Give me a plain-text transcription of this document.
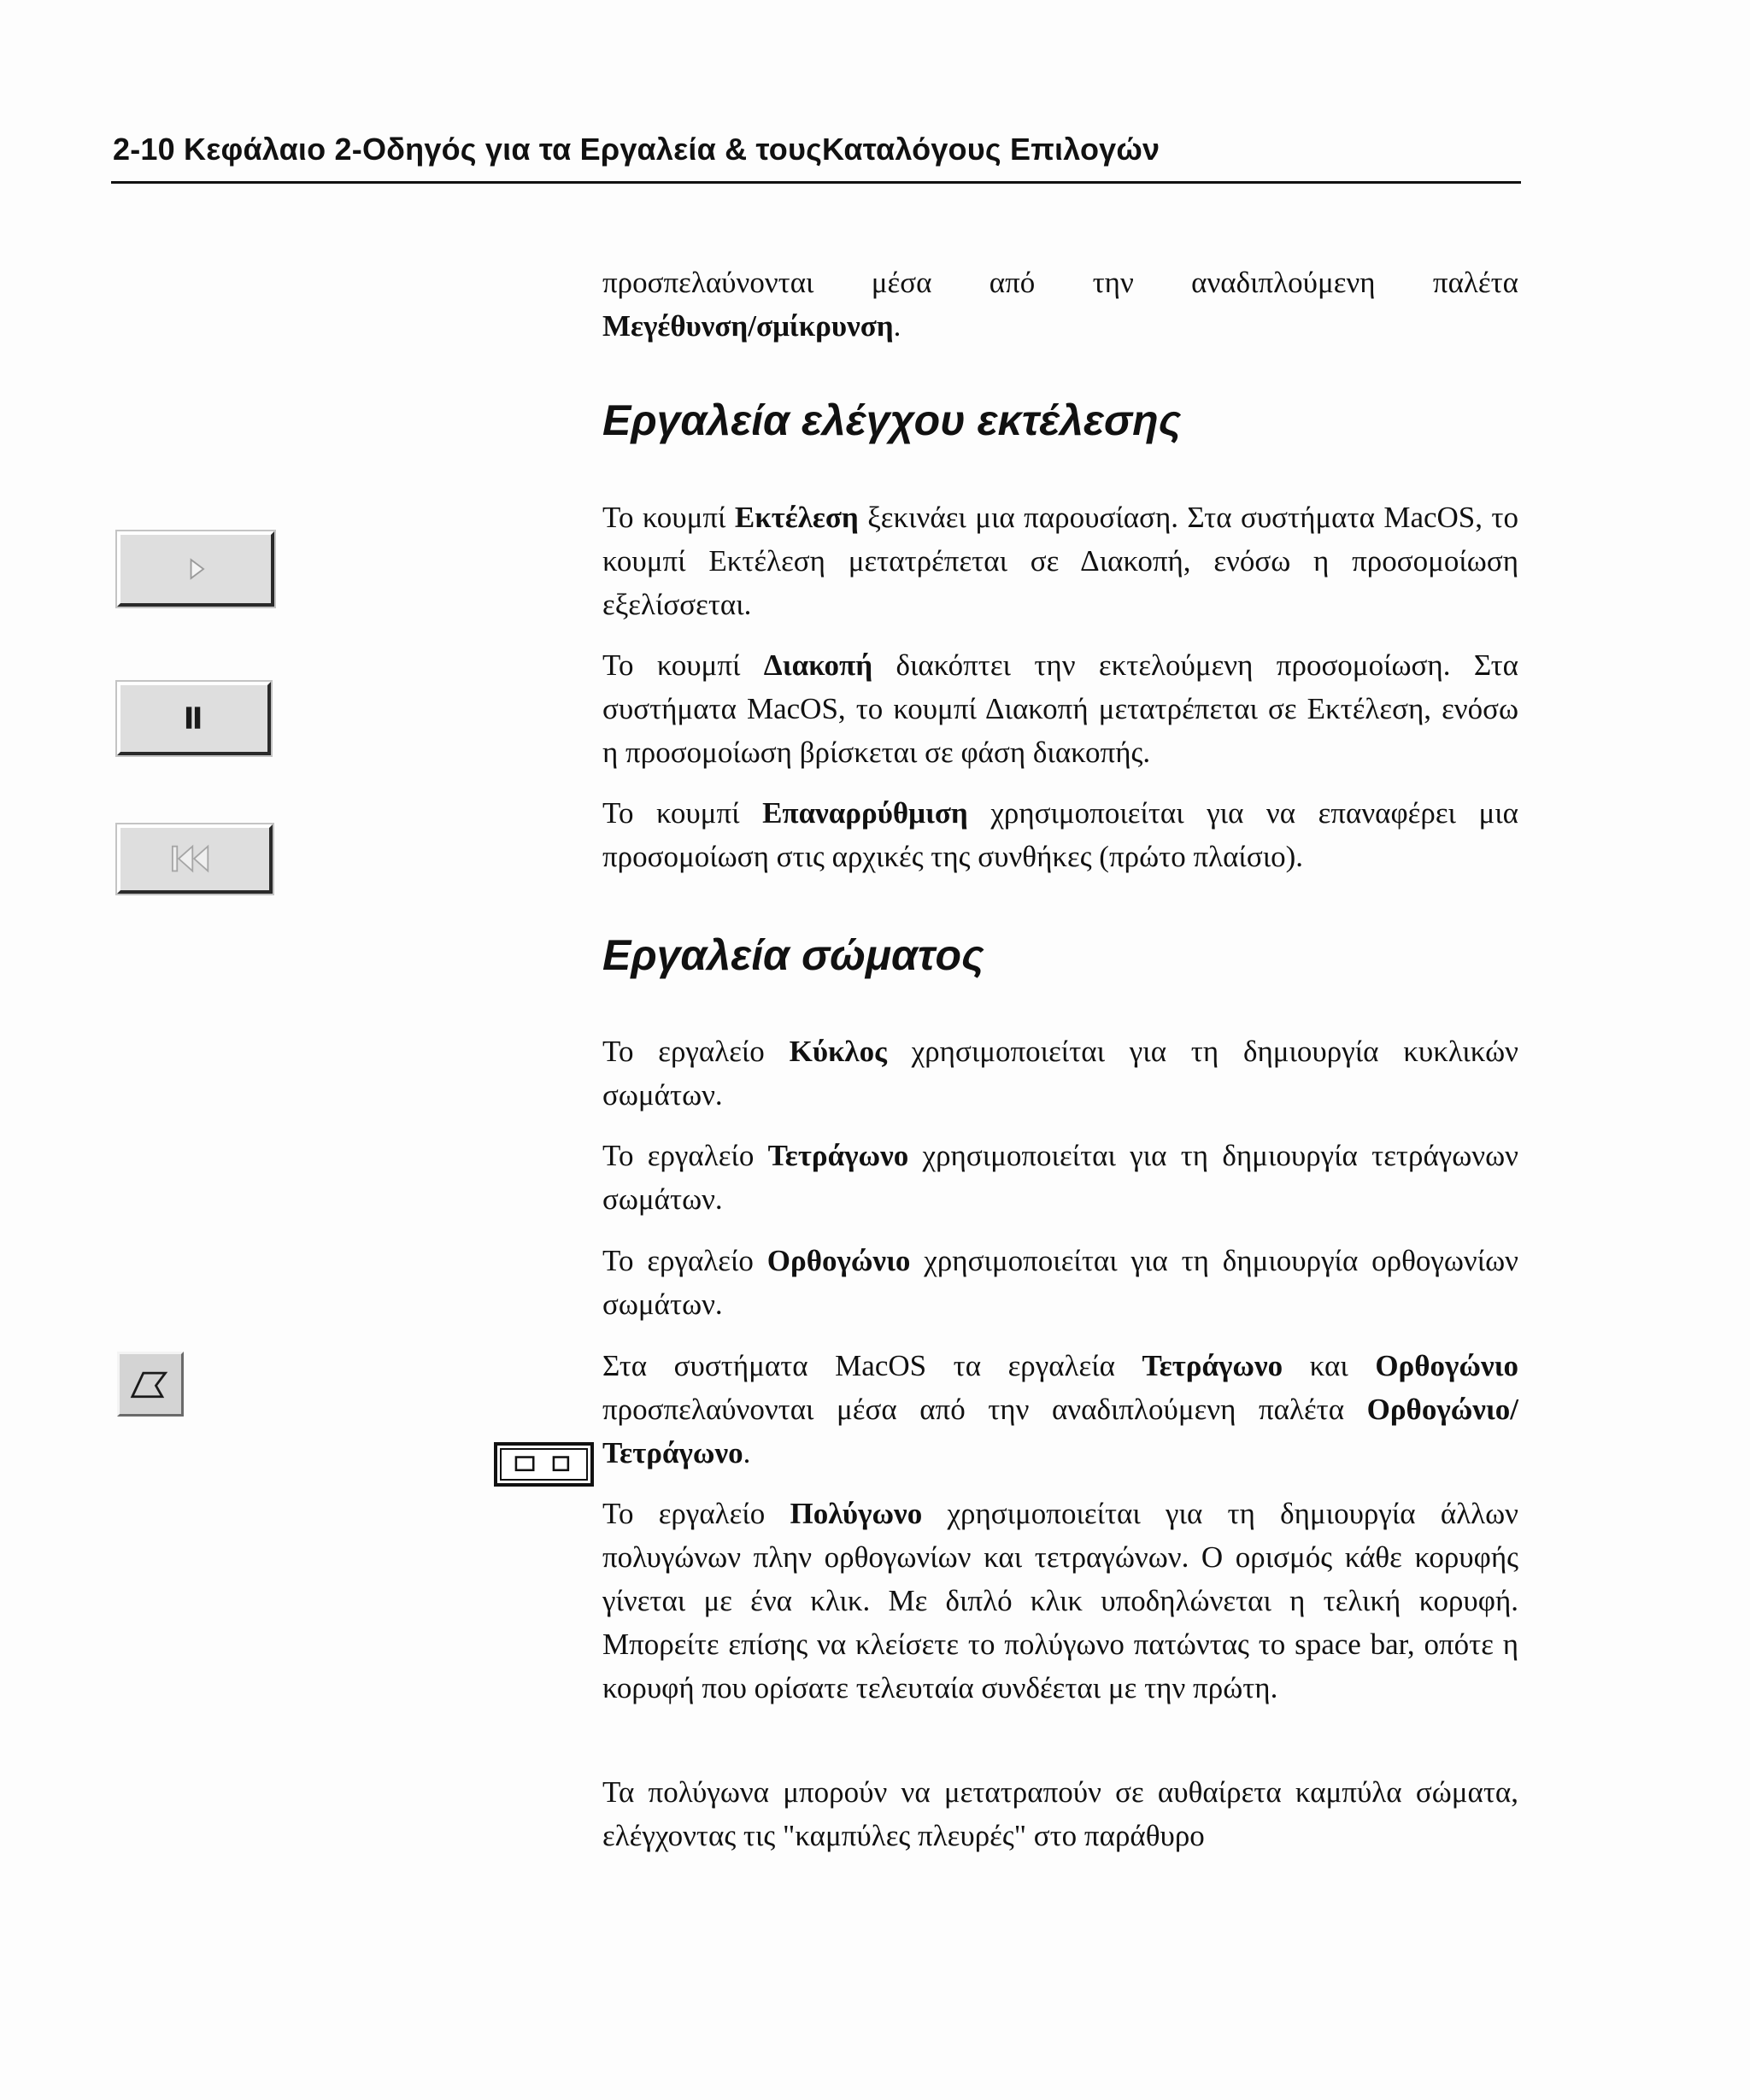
2-10 Κεφάλαιο 2-Οδηγός για τα Εργαλεία & τουςΚαταλόγους Επιλογών

προσπελαύνονται μέσα από την αναδιπλούμενη παλέτα

Μεγέθυνση/σμίκρυνση.

Εργαλεία ελέγχου εκτέλεσης

Το κουμπί Εκτέλεση ξεκινάει μια παρουσίαση. Στα συστήματα MacOS, το κουμπί Εκτέλεση μετατρέπεται σε Διακοπή, ενόσω η προσομοίωση εξελίσσεται.

Το κουμπί Διακοπή διακόπτει την εκτελούμενη προσομοίωση. Στα συστήματα MacOS, το κουμπί Διακοπή μετατρέπεται σε Εκτέλεση, ενόσω η προσομοίωση βρίσκεται σε φάση διακοπής.

Το κουμπί Επαναρρύθμιση χρησιμοποιείται για να επαναφέρει μια προσομοίωση στις αρχικές της συνθήκες (πρώτο πλαίσιο).

Εργαλεία σώματος

Το εργαλείο Κύκλος χρησιμοποιείται για τη δημιουργία κυκλικών σωμάτων.

Το εργαλείο Τετράγωνο χρησιμοποιείται για τη δημιουργία τετράγωνων σωμάτων.

Το εργαλείο Ορθογώνιο χρησιμοποιείται για τη δημιουργία ορθογωνίων σωμάτων.

Στα συστήματα MacOS τα εργαλεία Τετράγωνο και Ορθογώνιο προσπελαύνονται μέσα από την αναδιπλούμενη παλέτα Ορθογώνιο/Τετράγωνο.

Το εργαλείο Πολύγωνο χρησιμοποιείται για τη δημιουργία άλλων πολυγώνων πλην ορθογωνίων και τετραγώνων. Ο ορισμός κάθε κορυφής γίνεται με ένα κλικ. Με διπλό κλικ υποδηλώνεται η τελική κορυφή. Μπορείτε επίσης να κλείσετε το πολύγωνο πατώντας το space bar, οπότε η κορυφή που ορίσατε τελευταία συνδέεται με την πρώτη.

Τα πολύγωνα μπορούν να μετατραπούν σε αυθαίρετα καμπύλα σώματα, ελέγχοντας τις "καμπύλες πλευρές" στο παράθυρο
